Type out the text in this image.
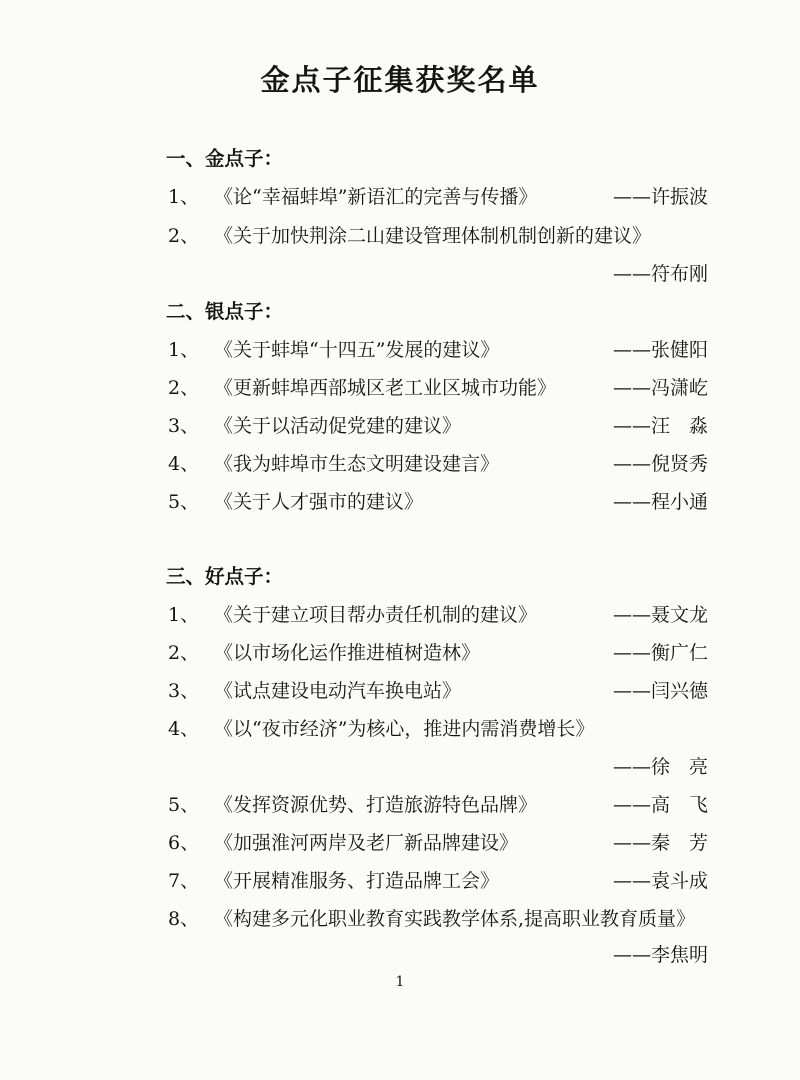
金点子征集获奖名单
一、金点子：
1、 《论“幸福蚌埠”新语汇的完善与传播》	——许振波
2、 《关于加快荆涂二山建设管理体制机制创新的建议》
——符布刚
二、银点子：
1、 《关于蚌埠“十四五”发展的建议》	——张健阳
2、 《更新蚌埠西部城区老工业区城市功能》	——冯潇屹
3、 《关于以活动促党建的建议》	——汪　淼
4、 《我为蚌埠市生态文明建设建言》	——倪贤秀
5、 《关于人才强市的建议》	——程小通
三、好点子：
1、 《关于建立项目帮办责任机制的建议》	——聂文龙
2、 《以市场化运作推进植树造林》	——衡广仁
3、 《试点建设电动汽车换电站》	——闫兴德
4、 《以“夜市经济”为核心，推进内需消费增长》
——徐　亮
5、 《发挥资源优势、打造旅游特色品牌》	——高　飞
6、 《加强淮河两岸及老厂新品牌建设》	——秦　芳
7、 《开展精准服务、打造品牌工会》	——袁斗成
8、 《构建多元化职业教育实践教学体系,提高职业教育质量》
——李焦明
1
